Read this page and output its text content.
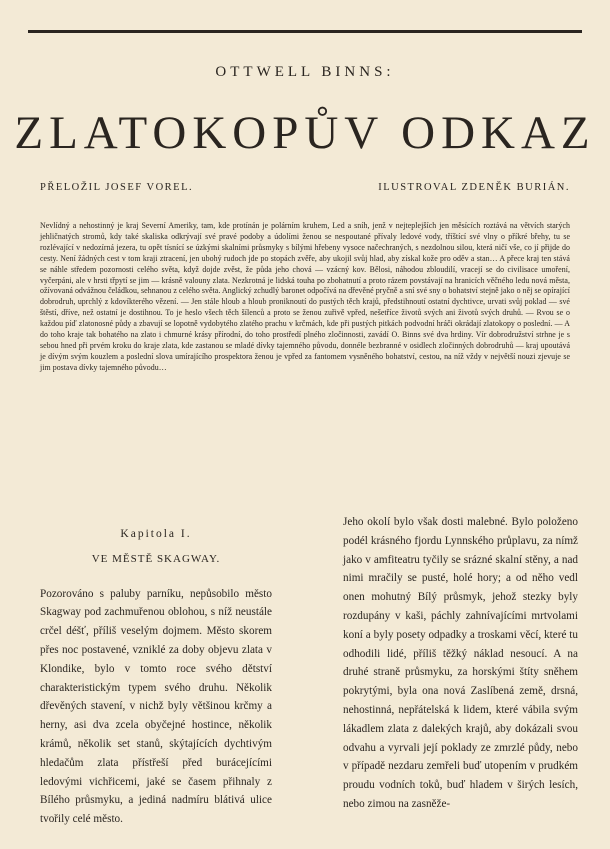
OTTWELL BINNS:
ZLATOKOPŮV ODKAZ
PŘELOŽIL JOSEF VOREL.	ILUSTROVAL ZDENĚK BURIÁN.
Nevlídný a nehostinný je kraj Severní Ameriky, tam, kde protínán je polárním kruhem, Led a sníh, jenž v nejteplejších jen měsících roztává na větvích starých jehličnatých stromů, kdy také skaliska odkrývají své pravé podoby a údolími ženou se nespoutané přívaly ledové vody, tříštící své vlny o příkré břehy, tu se rozlévající v nedozírná jezera, tu opět tísnící se úzkými skalními průsmyky s bílými hřebeny vysoce načechraných, s nezdolnou silou, která ničí vše, co jí přijde do cesty. Není žádných cest v tom kraji ztracení, jen ubohý rudoch jde po stopách zvěře, aby ukojil svůj hlad, aby získal kože pro oděv a stan… A přece kraj ten stává se náhle středem pozornosti celého světa, když dojde zvěst, že půda jeho chová — vzácný kov. Bělosi, náhodou zbloudilí, vracejí se do civilisace umoření, vyčerpáni, ale v hrsti třpytí se jim — krásně valouny zlata. Nezkrotná je lidská touha po zbohatnutí a proto rázem povstávají na hranicích věčného ledu nová města, ožívovaná odvážnou čeládkou, sehnanou z celého světa. Anglický zchudlý baronet odpočívá na dřevěné pryčně a sní své sny o bohatství stejně jako o něj se opírající dobrodruh, uprchlý z kdovíkterého vězení. — Jen stále hloub a hloub proniknoutí do pustých těch krajů, předstihnoutí ostatní dychtivce, urvati svůj poklad — své štěstí, dříve, než ostatní je dostihnou. To je heslo všech těch šílenců a proto se ženou zuřivě vpřed, nešetříce životů svých ani životů svých druhů. — Rvou se o každou píď zlatonosné půdy a zbavují se lopotně vydobytého zlatého prachu v krčmách, kde při pustých pitkách podvodní hráči okrádají zlatokopy o poslední. — A do toho kraje tak bohatého na zlato i chmurné krásy přírodní, do toho prostředí plného zločinnosti, zavádí O. Binns své dva hrdiny. Vír dobrodružství strhne je s sebou hned při prvém kroku do kraje zlata, kde zastanou se mladé dívky tajemného původu, donnéle bezbranné v osidlech zločinných dobrodruhů — kraj upoutává je dívým svým kouzlem a poslední slova umírajícího prospektora ženou je vpřed za fantomem vysněného bohatství, cestou, na níž vždy v největší nouzi zjevuje se jim postava dívky tajemného původu…
Kapitola I.
VE MĚSTĚ SKAGWAY.

Pozorováno s paluby parníku, nepůsobilo město Skagway pod zachmuřenou oblohou, s níž neustále crčel déšť, příliš veselým dojmem. Město skorem přes noc postavené, vzniklé za doby objevu zlata v Klondike, bylo v tomto roce svého dětství charakteristickým typem svého druhu. Několik dřevěných stavení, v nichž byly většinou krčmy a herny, asi dva zcela obyčejné hostince, několik krámů, několik set stanů, skýtajících dychtivým hledačům zlata přístřeší před burácejícími ledovými vichřicemi, jaké se časem přihnaly z Bílého průsmyku, a jediná nadmíru blátivá ulice tvořily celé město.

Jeho okolí bylo však dosti malebné. Bylo položeno podél krásného fjordu Lynnského průplavu, za nímž jako v amfiteatru tyčily se srázné skalní stěny, a nad nimi mračily se pusté, holé hory; a od něho vedl onen mohutný Bílý průsmyk, jehož stezky byly rozdupány v kaši, páchly zahnívajícími mrtvolami koní a byly posety odpadky a troskami věcí, které tu odhodili lidé, příliš těžký náklad nesoucí. A na druhé straně průsmyku, za horskými štíty sněhem pokrytými, byla ona nová Zaslíbená země, drsná, nehostinná, nepřátelská k lidem, které vábila svým lákadlem zlata z dalekých krajů, aby dokázali svou odvahu a vyrvali její poklady ze zmrzlé půdy, nebo v případě nezdaru zemřeli buď utopením v prudkém proudu vodních toků, buď hladem v širých lesích, nebo zimou na zasněže-
